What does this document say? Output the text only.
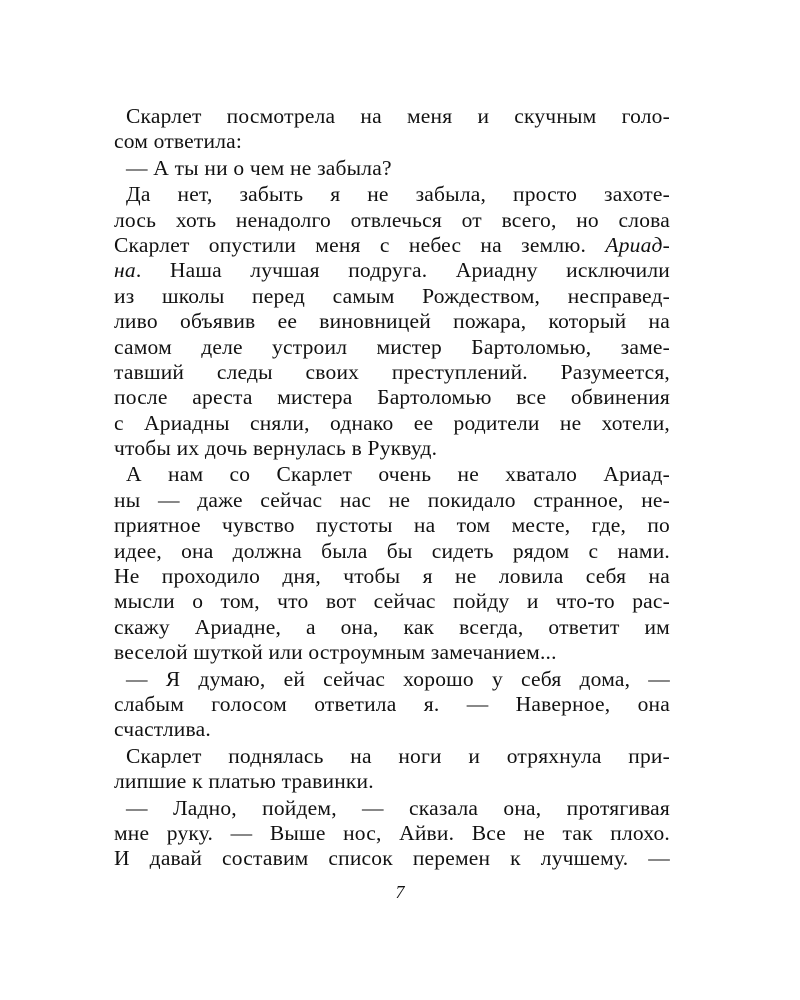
Скарлет посмотрела на меня и скучным голо-
сом ответила:
— А ты ни о чем не забыла?
Да нет, забыть я не забыла, просто захоте-
лось хоть ненадолго отвлечься от всего, но слова
Скарлет опустили меня с небес на землю. Ариад-
на. Наша лучшая подруга. Ариадну исключили
из школы перед самым Рождеством, несправед-
ливо объявив ее виновницей пожара, который на
самом деле устроил мистер Бартоломью, заме-
тавший следы своих преступлений. Разумеется,
после ареста мистера Бартоломью все обвинения
с Ариадны сняли, однако ее родители не хотели,
чтобы их дочь вернулась в Руквуд.
А нам со Скарлет очень не хватало Ариад-
ны — даже сейчас нас не покидало странное, не-
приятное чувство пустоты на том месте, где, по
идее, она должна была бы сидеть рядом с нами.
Не проходило дня, чтобы я не ловила себя на
мысли о том, что вот сейчас пойду и что-то рас-
скажу Ариадне, а она, как всегда, ответит им
веселой шуткой или остроумным замечанием...
— Я думаю, ей сейчас хорошо у себя дома, —
слабым голосом ответила я. — Наверное, она
счастлива.
Скарлет поднялась на ноги и отряхнула при-
липшие к платью травинки.
— Ладно, пойдем, — сказала она, протягивая
мне руку. — Выше нос, Айви. Все не так плохо.
И давай составим список перемен к лучшему. —
7
